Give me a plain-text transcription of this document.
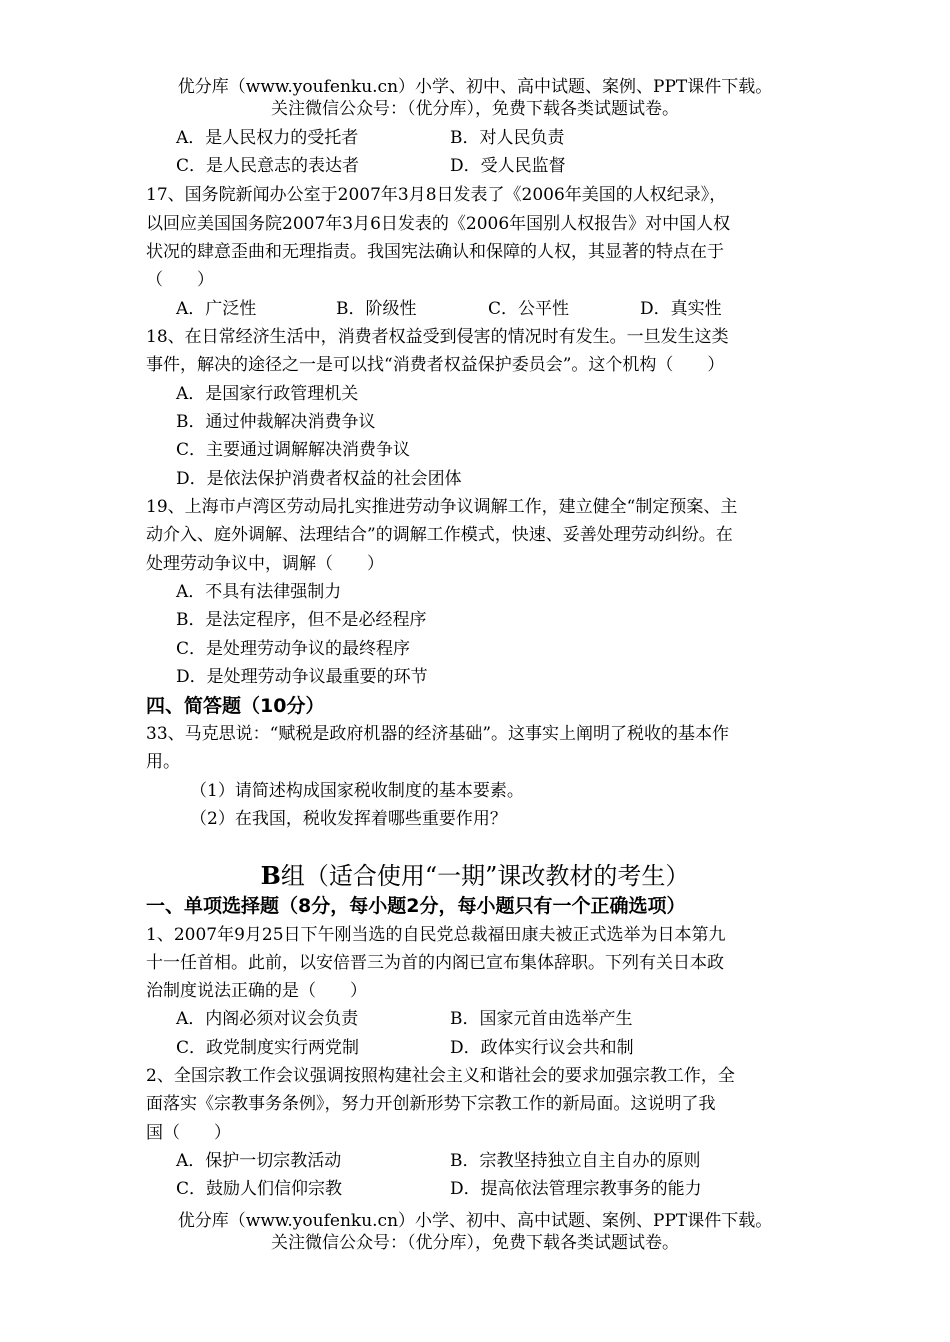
优分库（www.youfenku.cn）小学、初中、高中试题、案例、PPT课件下载。
关注微信公众号：（优分库），免费下载各类试题试卷。
A．是人民权力的受托者	B．对人民负责
C．是人民意志的表达者	D．受人民监督
17、国务院新闻办公室于2007年3月8日发表了《2006年美国的人权纪录》，
以回应美国国务院2007年3月6日发表的《2006年国别人权报告》对中国人权
状况的肆意歪曲和无理指责。我国宪法确认和保障的人权，其显著的特点在于
（　　）
A．广泛性	B．阶级性	C．公平性	D．真实性
18、在日常经济生活中，消费者权益受到侵害的情况时有发生。一旦发生这类
事件，解决的途径之一是可以找“消费者权益保护委员会”。这个机构（　　）
A．是国家行政管理机关
B．通过仲裁解决消费争议
C．主要通过调解解决消费争议
D．是依法保护消费者权益的社会团体
19、上海市卢湾区劳动局扎实推进劳动争议调解工作，建立健全“制定预案、主
动介入、庭外调解、法理结合”的调解工作模式，快速、妥善处理劳动纠纷。在
处理劳动争议中，调解（　　）
A．不具有法律强制力
B．是法定程序，但不是必经程序
C．是处理劳动争议的最终程序
D．是处理劳动争议最重要的环节
四、简答题（10分）
33、马克思说：“赋税是政府机器的经济基础”。这事实上阐明了税收的基本作
用。
（1）请简述构成国家税收制度的基本要素。
（2）在我国，税收发挥着哪些重要作用？
B组（适合使用“一期”课改教材的考生）
一、单项选择题（8分，每小题2分，每小题只有一个正确选项）
1、2007年9月25日下午刚当选的自民党总裁福田康夫被正式选举为日本第九
十一任首相。此前，以安倍晋三为首的内阁已宣布集体辞职。下列有关日本政
治制度说法正确的是（　　）
A．内阁必须对议会负责	B．国家元首由选举产生
C．政党制度实行两党制	D．政体实行议会共和制
2、全国宗教工作会议强调按照构建社会主义和谐社会的要求加强宗教工作，全
面落实《宗教事务条例》，努力开创新形势下宗教工作的新局面。这说明了我
国（　　）
A．保护一切宗教活动	B．宗教坚持独立自主自办的原则
C．鼓励人们信仰宗教	D．提高依法管理宗教事务的能力
优分库（www.youfenku.cn）小学、初中、高中试题、案例、PPT课件下载。
关注微信公众号：（优分库），免费下载各类试题试卷。
